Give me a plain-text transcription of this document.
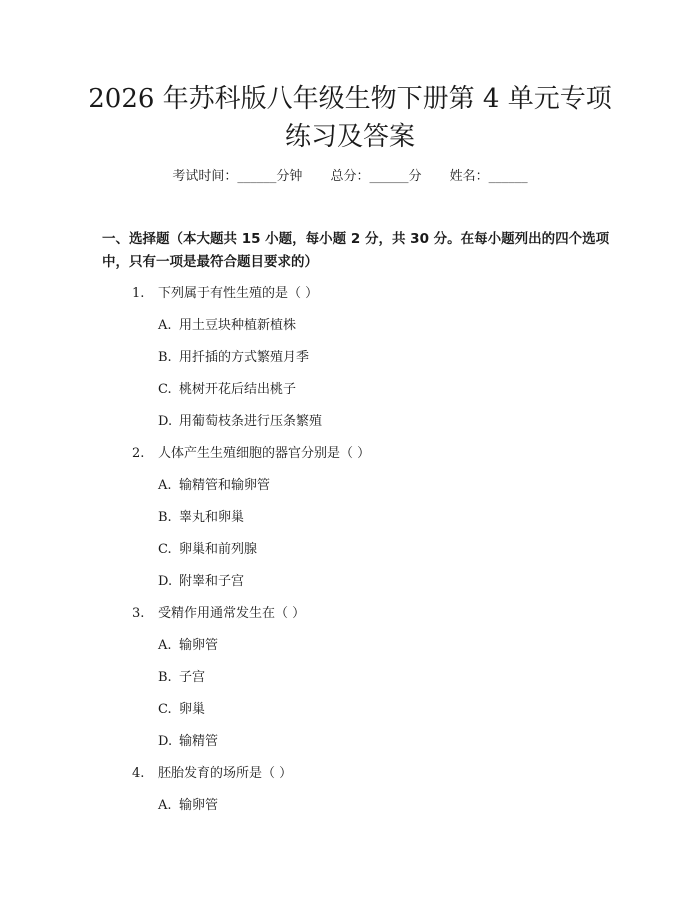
2026 年苏科版八年级生物下册第 4 单元专项
练习及答案
考试时间：______分钟 总分：______分 姓名：______
一、选择题（本大题共 15 小题，每小题 2 分，共 30 分。在每小题列出的四个选项中，只有一项是最符合题目要求的）
1. 下列属于有性生殖的是（ ）
A. 用土豆块种植新植株
B. 用扦插的方式繁殖月季
C. 桃树开花后结出桃子
D. 用葡萄枝条进行压条繁殖
2. 人体产生生殖细胞的器官分别是（ ）
A. 输精管和输卵管
B. 睾丸和卵巢
C. 卵巢和前列腺
D. 附睾和子宫
3. 受精作用通常发生在（ ）
A. 输卵管
B. 子宫
C. 卵巢
D. 输精管
4. 胚胎发育的场所是（ ）
A. 输卵管
